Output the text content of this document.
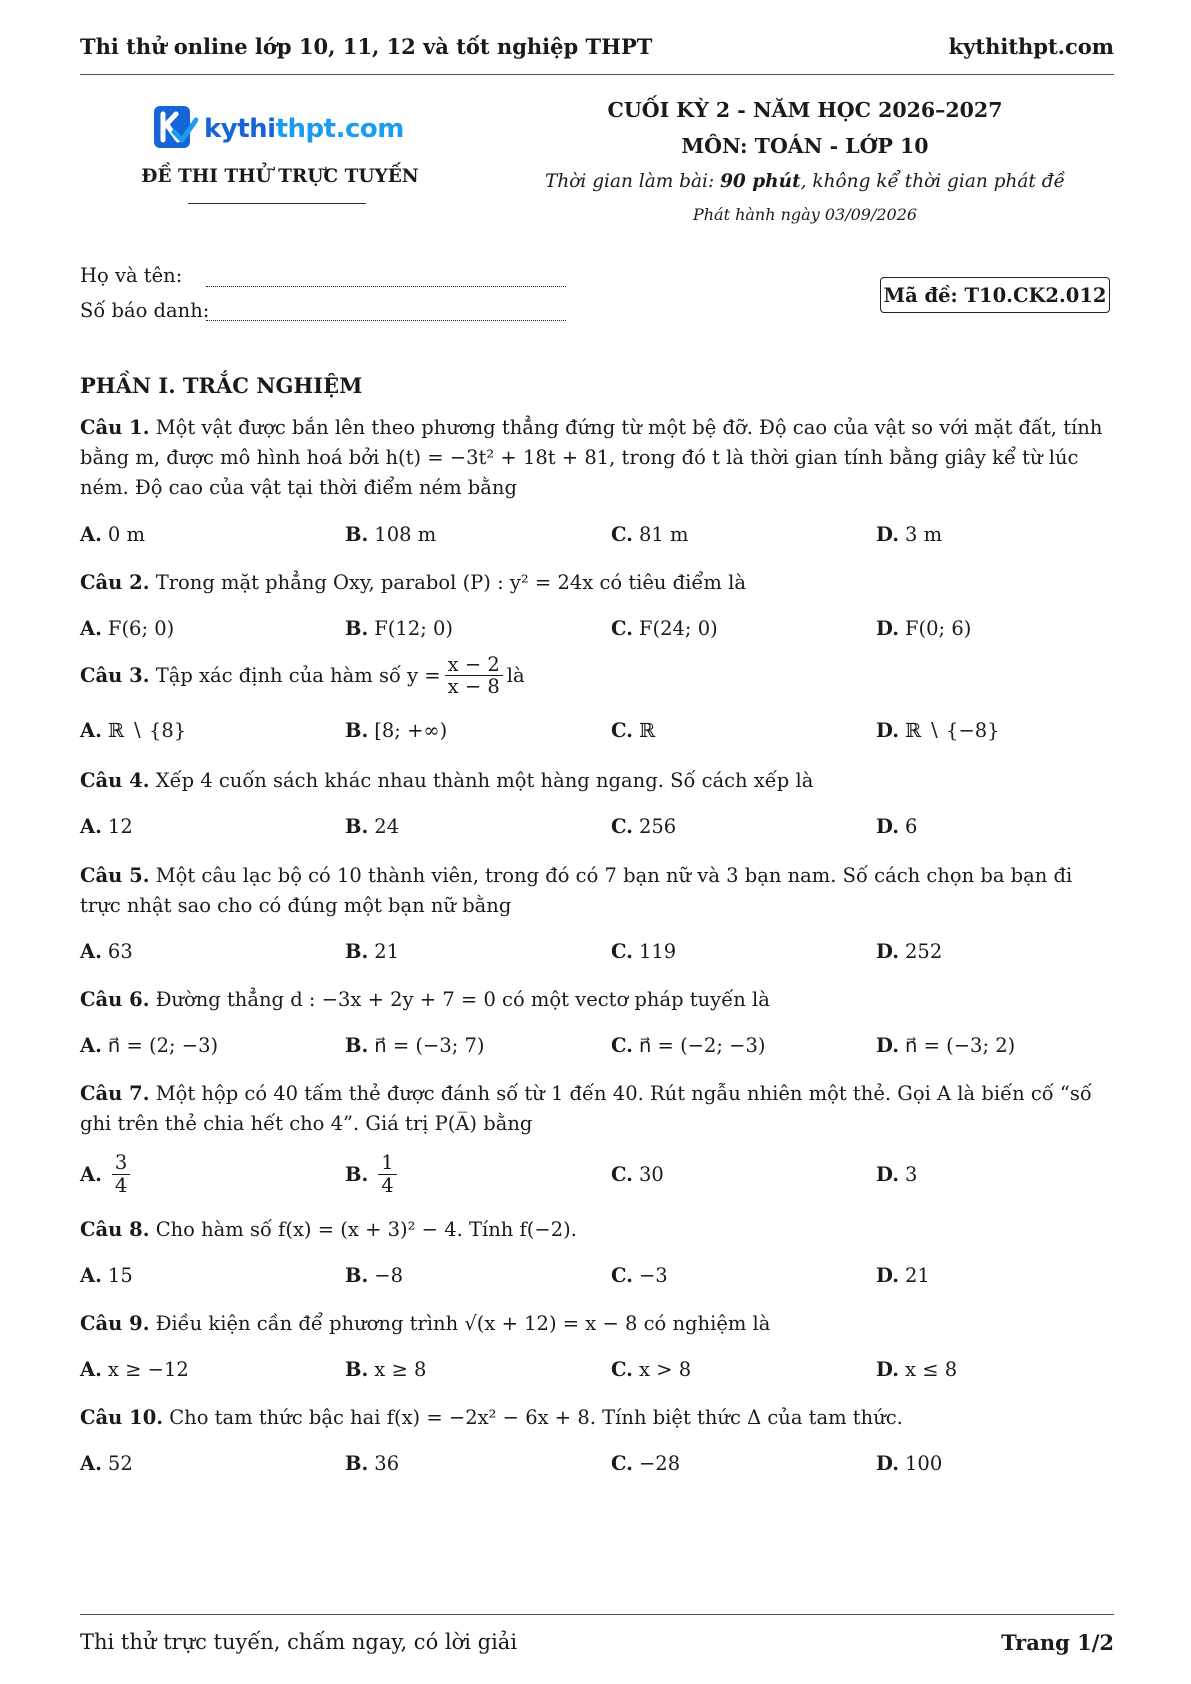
Thi thử online lớp 10, 11, 12 và tốt nghiệp THPT	kythithpt.com
kythithpt.com
ĐỀ THI THỬ TRỰC TUYẾN
CUỐI KỲ 2 - NĂM HỌC 2026–2027
MÔN: TOÁN - LỚP 10
Thời gian làm bài: 90 phút, không kể thời gian phát đề
Phát hành ngày 03/09/2026
Họ và tên:
Số báo danh:
Mã đề: T10.CK2.012
PHẦN I. TRẮC NGHIỆM
Câu 1. Một vật được bắn lên theo phương thẳng đứng từ một bệ đỡ. Độ cao của vật so với mặt đất, tính bằng m, được mô hình hoá bởi h(t) = −3t² + 18t + 81, trong đó t là thời gian tính bằng giây kể từ lúc ném. Độ cao của vật tại thời điểm ném bằng
A. 0 m	B. 108 m	C. 81 m	D. 3 m
Câu 2. Trong mặt phẳng Oxy, parabol (P) : y² = 24x có tiêu điểm là
A. F(6; 0)	B. F(12; 0)	C. F(24; 0)	D. F(0; 6)
Câu 3.
Tập xác định của hàm số $y = \frac{x - 2}{x - 8}$ là
A. ℝ ∖ {8}	B. [8; +∞)	C. ℝ	D. ℝ ∖ {−8}
Câu 4. Xếp 4 cuốn sách khác nhau thành một hàng ngang. Số cách xếp là
A. 12	B. 24	C. 256	D. 6
Câu 5. Một câu lạc bộ có 10 thành viên, trong đó có 7 bạn nữ và 3 bạn nam. Số cách chọn ba bạn đi trực nhật sao cho có đúng một bạn nữ bằng
A. 63	B. 21	C. 119	D. 252
Câu 6. Đường thẳng d : −3x + 2y + 7 = 0 có một vectơ pháp tuyến là
A. n⃗ = (2; −3)	B. n⃗ = (−3; 7)	C. n⃗ = (−2; −3)	D. n⃗ = (−3; 2)
Câu 7. Một hộp có 40 tấm thẻ được đánh số từ 1 đến 40. Rút ngẫu nhiên một thẻ. Gọi A là biến cố “số ghi trên thẻ chia hết cho 4”. Giá trị P(A̅) bằng
A. $\frac{3}{4}$	B. $\frac{1}{4}$	C. 30	D. 3
Câu 8. Cho hàm số f(x) = (x + 3)² − 4. Tính f(−2).
A. 15	B. −8	C. −3	D. 21
Câu 9. Điều kiện cần để phương trình √(x + 12) = x − 8 có nghiệm là
A. x ≥ −12	B. x ≥ 8	C. x > 8	D. x ≤ 8
Câu 10. Cho tam thức bậc hai f(x) = −2x² − 6x + 8. Tính biệt thức Δ của tam thức.
A. 52	B. 36	C. −28	D. 100
Thi thử trực tuyến, chấm ngay, có lời giải	Trang 1/2
